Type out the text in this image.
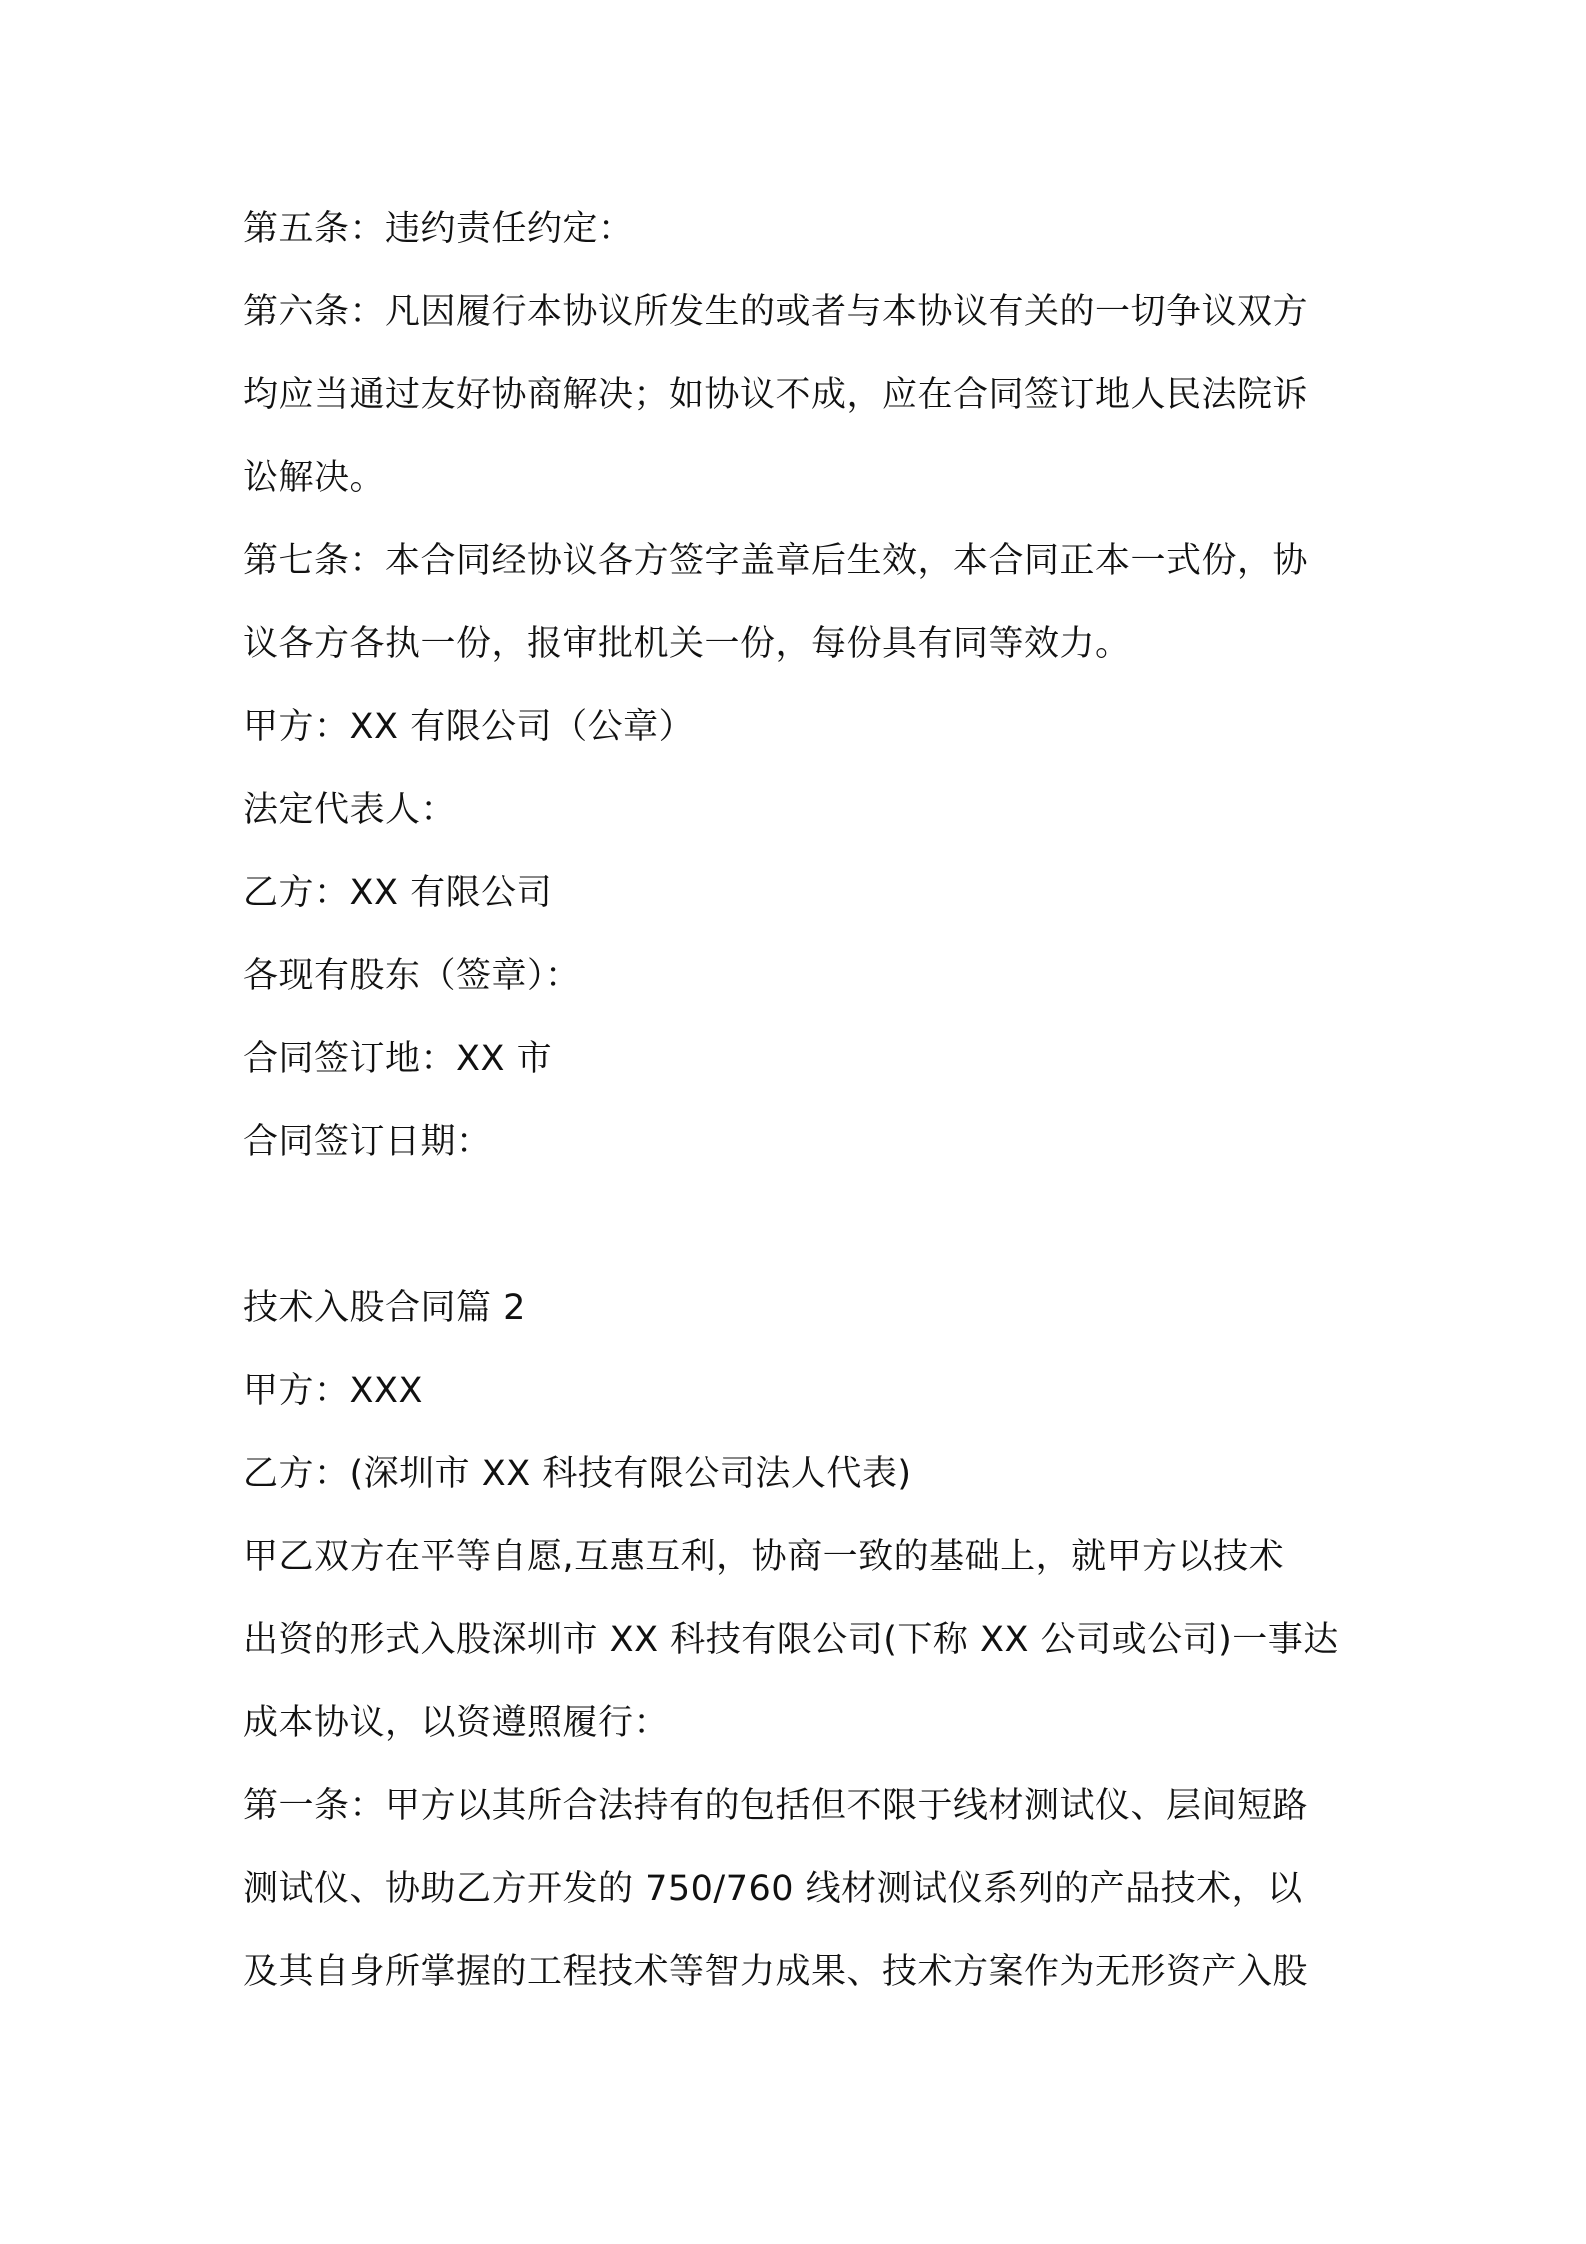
第五条：违约责任约定：
第六条：凡因履行本协议所发生的或者与本协议有关的一切争议双方
均应当通过友好协商解决；如协议不成，应在合同签订地人民法院诉
讼解决。
第七条：本合同经协议各方签字盖章后生效，本合同正本一式份，协
议各方各执一份，报审批机关一份，每份具有同等效力。
甲方：XX 有限公司（公章）
法定代表人：
乙方：XX 有限公司
各现有股东（签章）：
合同签订地：XX 市
合同签订日期：
技术入股合同篇 2
甲方：XXX
乙方：(深圳市 XX 科技有限公司法人代表)
甲乙双方在平等自愿,互惠互利，协商一致的基础上，就甲方以技术
出资的形式入股深圳市 XX 科技有限公司(下称 XX 公司或公司)一事达
成本协议，以资遵照履行：
第一条：甲方以其所合法持有的包括但不限于线材测试仪、层间短路
测试仪、协助乙方开发的 750/760 线材测试仪系列的产品技术，以
及其自身所掌握的工程技术等智力成果、技术方案作为无形资产入股
